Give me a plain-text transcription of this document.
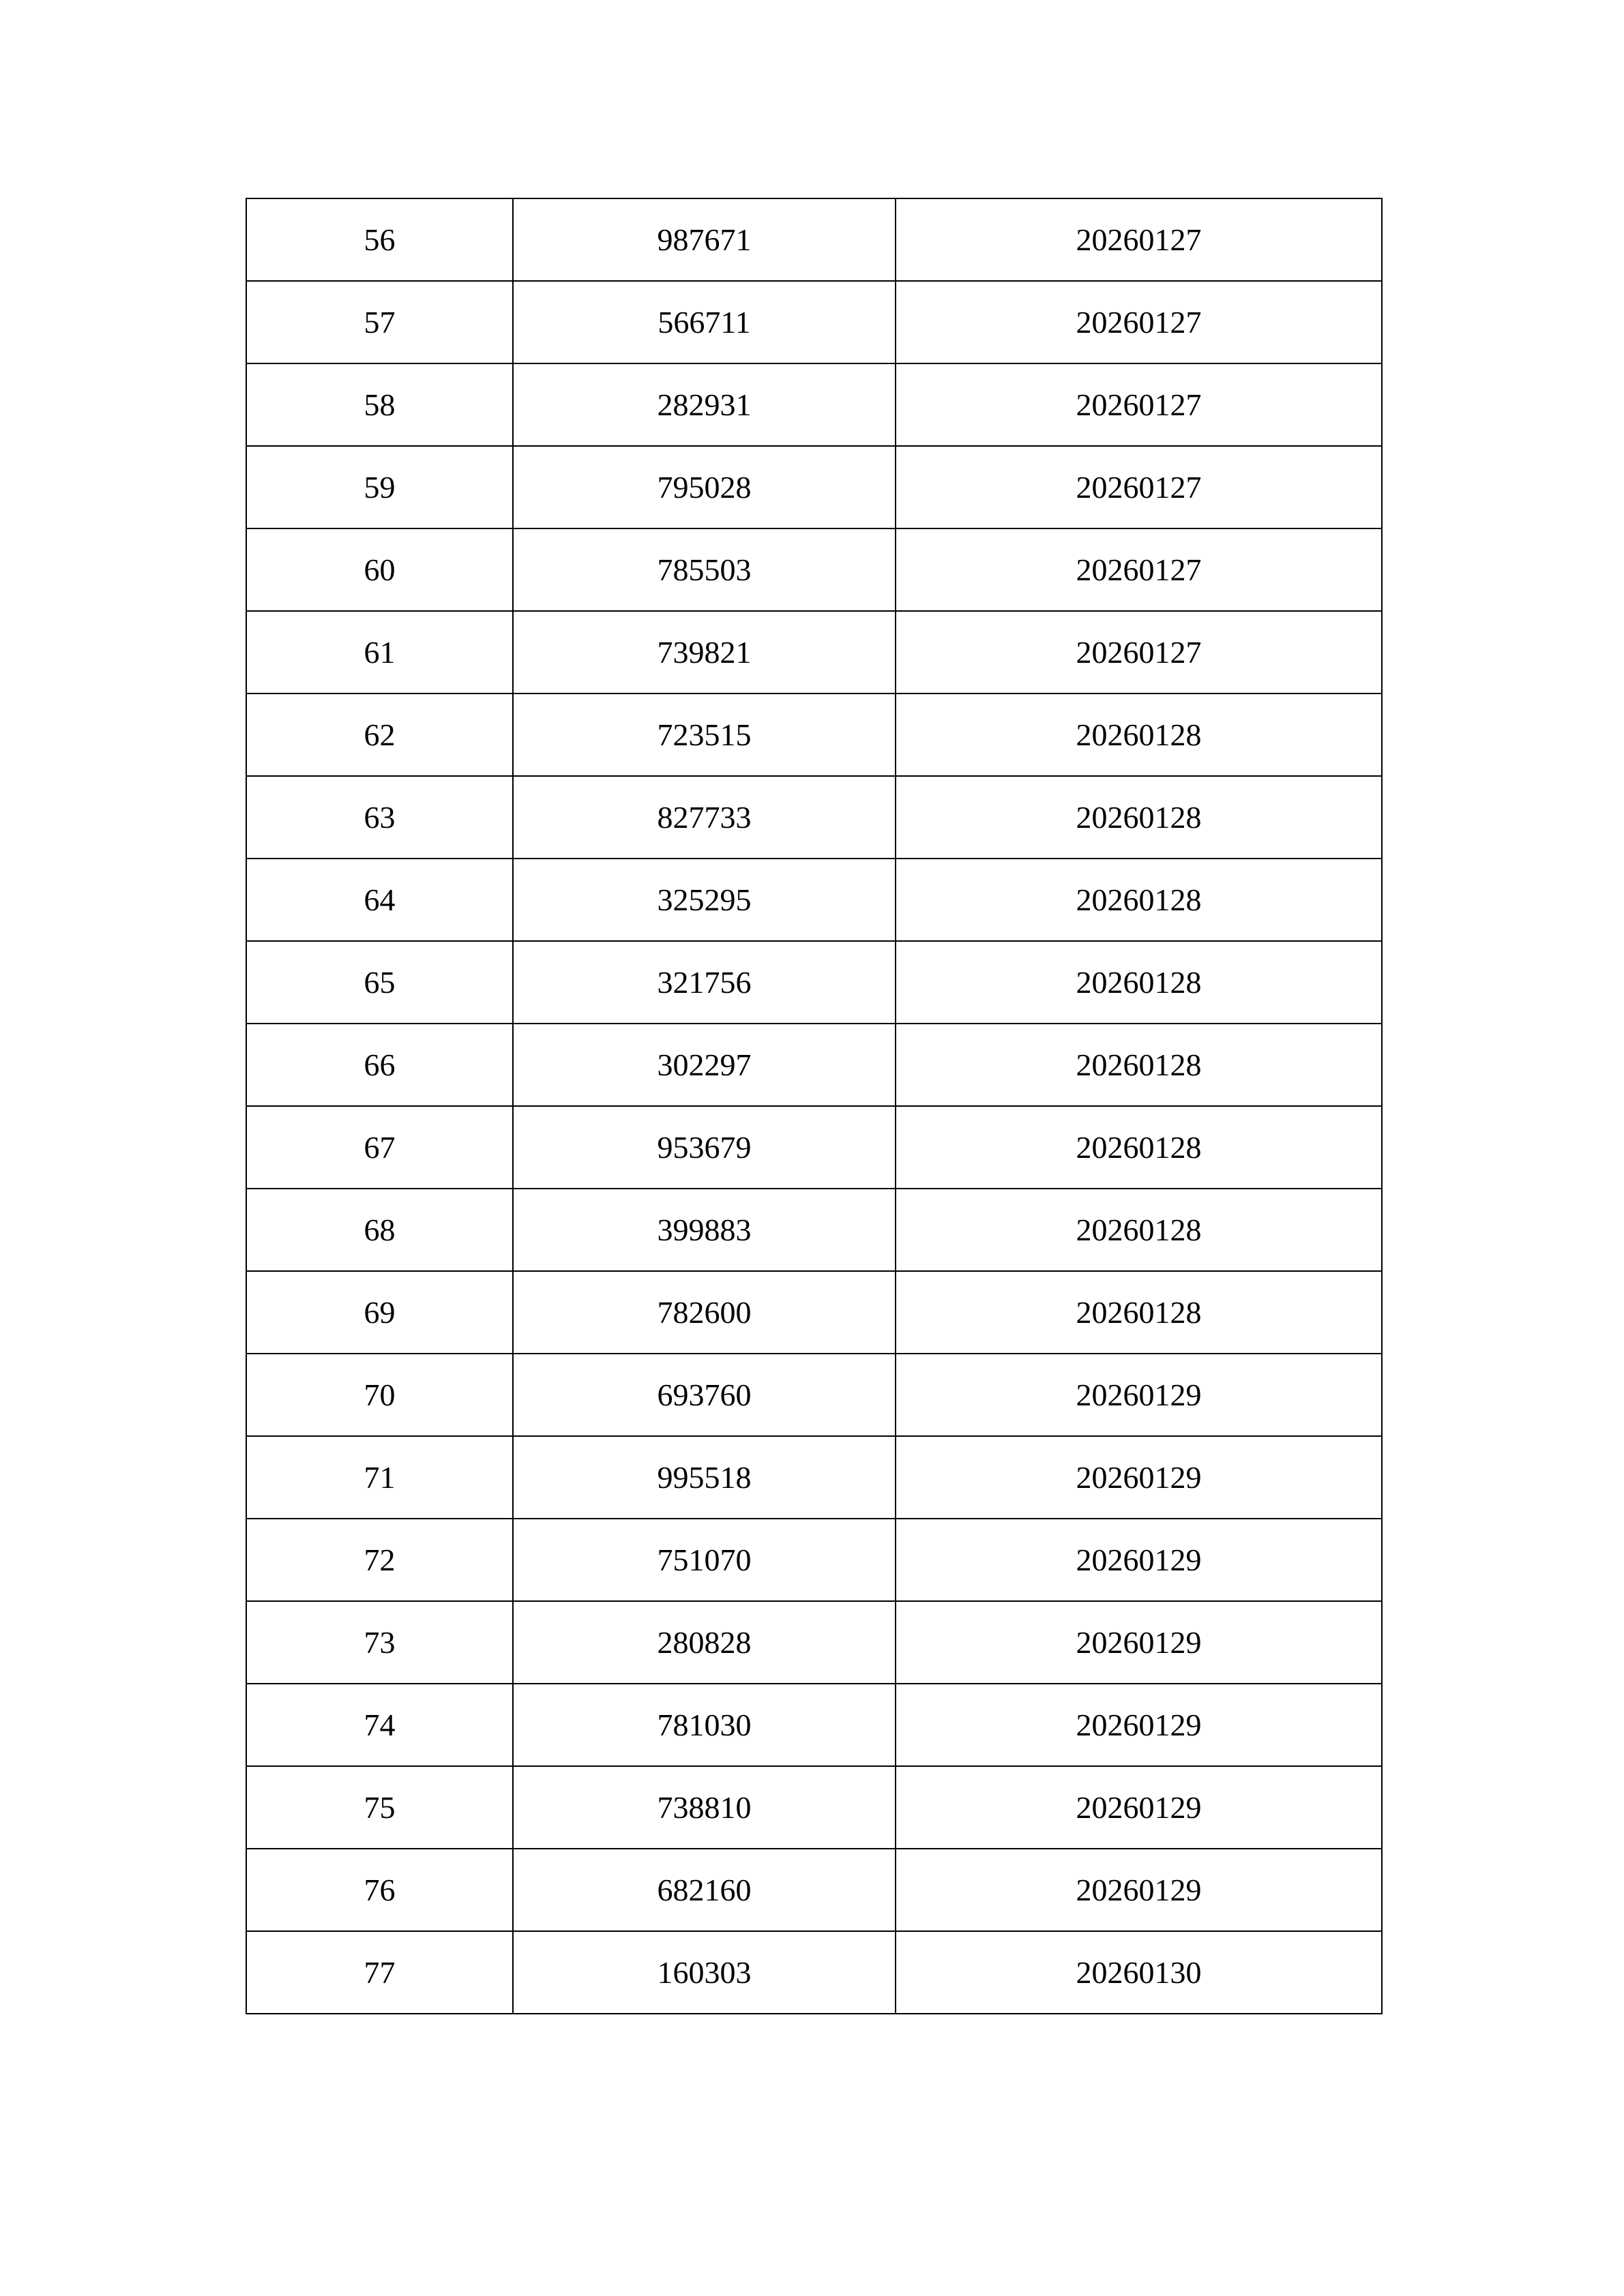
56	987671	20260127
57	566711	20260127
58	282931	20260127
59	795028	20260127
60	785503	20260127
61	739821	20260127
62	723515	20260128
63	827733	20260128
64	325295	20260128
65	321756	20260128
66	302297	20260128
67	953679	20260128
68	399883	20260128
69	782600	20260128
70	693760	20260129
71	995518	20260129
72	751070	20260129
73	280828	20260129
74	781030	20260129
75	738810	20260129
76	682160	20260129
77	160303	20260130
